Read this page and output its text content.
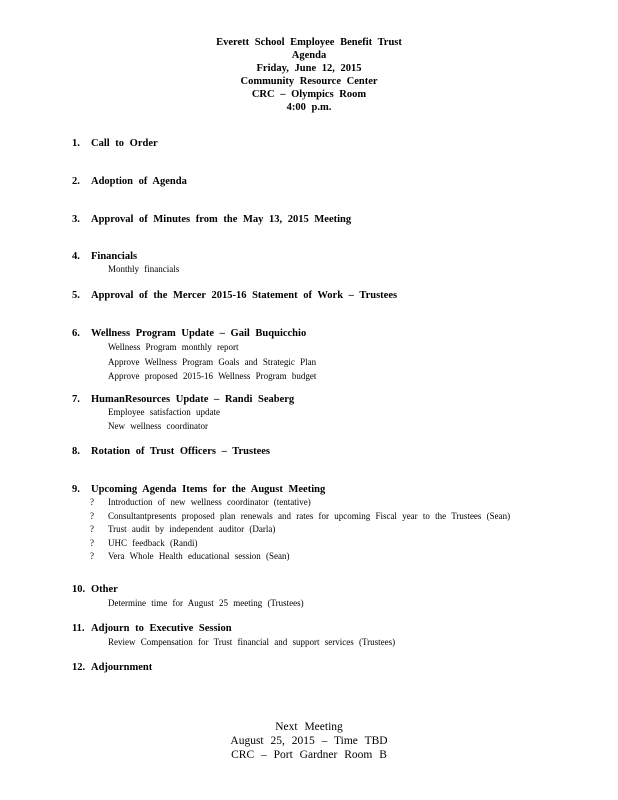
Everett School Employee Benefit Trust
Agenda
Friday, June 12, 2015
Community Resource Center
CRC – Olympics Room
4:00 p.m.
1. Call to Order
2. Adoption of Agenda
3. Approval of Minutes from the May 13, 2015 Meeting
4. Financials
Monthly financials
5. Approval of the Mercer 2015-16 Statement of Work – Trustees
6. Wellness Program Update – Gail Buquicchio
Wellness Program monthly report
Approve Wellness Program Goals and Strategic Plan
Approve proposed 2015-16 Wellness Program budget
7. HumanResources Update – Randi Seaberg
Employee satisfaction update
New wellness coordinator
8. Rotation of Trust Officers – Trustees
9. Upcoming Agenda Items for the August Meeting
? Introduction of new wellness coordinator (tentative)
? Consultantpresents proposed plan renewals and rates for upcoming Fiscal year to the Trustees (Sean)
? Trust audit by independent auditor (Darla)
? UHC feedback (Randi)
? Vera Whole Health educational session (Sean)
10. Other
Determine time for August 25 meeting (Trustees)
11. Adjourn to Executive Session
Review Compensation for Trust financial and support services (Trustees)
12. Adjournment
Next Meeting
August 25, 2015 – Time TBD
CRC – Port Gardner Room B
